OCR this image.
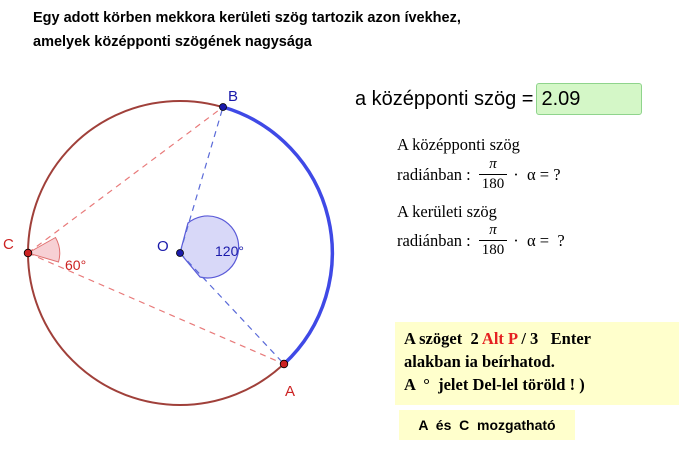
Egy adott körben mekkora kerületi szög tartozik azon ívekhez,
amelyek középponti szögének nagysága
B
O
C
A
120°
60°
a középponti szög =
2.09
A középponti szög
radiánban : $\frac{\pi}{180} \cdot \alpha$ = ?
A kerületi szög
radiánban : $\frac{\pi}{180} \cdot \alpha$ =  ?
A szöget  2 Alt P / 3   Enter
alakban ia beírhatod.
A  °  jelet Del-lel töröld ! )
A  és  C  mozgatható
